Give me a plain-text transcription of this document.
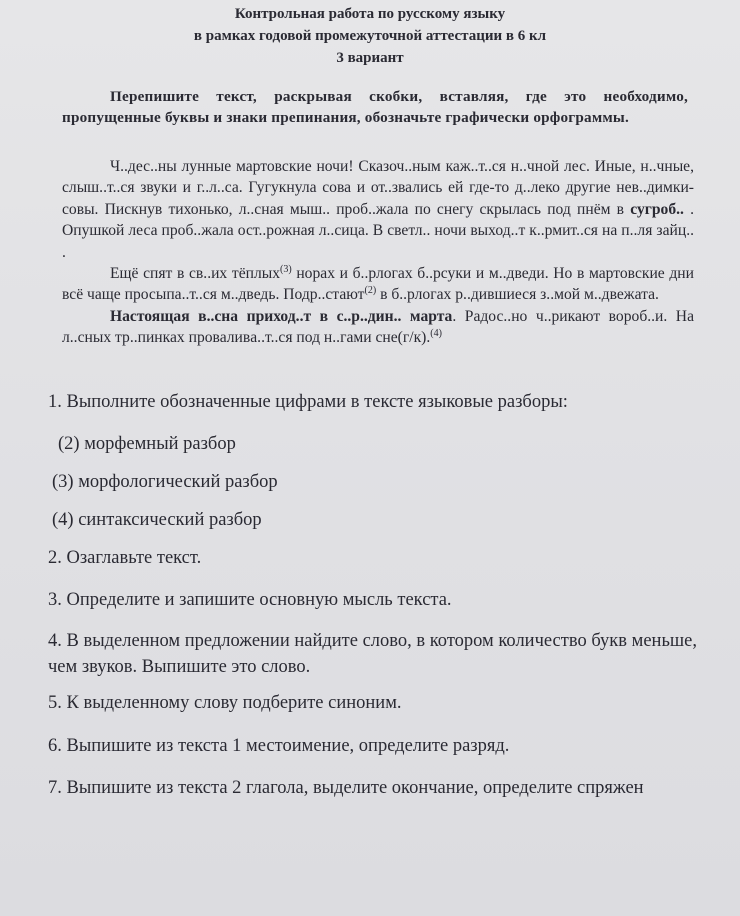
Контрольная работа по русскому языку
в рамках годовой промежуточной аттестации в 6 кл
3 вариант
Перепишите текст, раскрывая скобки, вставляя, где это необходимо, пропущенные буквы и знаки препинания, обозначьте графически орфограммы.

Ч..дес..ны лунные мартовские ночи! Сказоч..ным каж..т..ся н..чной лес. Иные, н..чные, слыш..т..ся звуки и г..л..са. Гугукнула сова и от..звались ей где-то д..леко другие нев..димки-совы. Пискнув тихонько, л..сная мыш.. проб..жала по снегу скрылась под пнём в сугроб.. . Опушкой леса проб..жала ост..рожная л..сица. В светл.. ночи выход..т к..рмит..ся на п..ля зайц.. .

Ещё спят в св..их тёплых$^{(3)}$ норах и б..рлогах б..рсуки и м..дведи. Но в мартовские дни всё чаще просыпа..т..ся м..дведь. Подр..стают$^{(2)}$ в б..рлогах р..дившиеся з..мой м..двежата.

Настоящая в..сна приход..т в с..р..дин.. марта. Радос..но ч..рикают вороб..и. На л..сных тр..пинках проваливa..т..ся под н..гами сне(г/к).$^{(4)}$

1. Выполните обозначенные цифрами в тексте языковые разборы:
(2) морфемный разбор
(3) морфологический разбор
(4) синтаксический разбор
2. Озаглавьте текст.
3. Определите и запишите основную мысль текста.
4. В выделенном предложении найдите слово, в котором количество букв меньше, чем звуков. Выпишите это слово.
5. К выделенному слову подберите синоним.
6. Выпишите из текста 1 местоимение, определите разряд.
7. Выпишите из текста 2 глагола, выделите окончание, определите спряжен
